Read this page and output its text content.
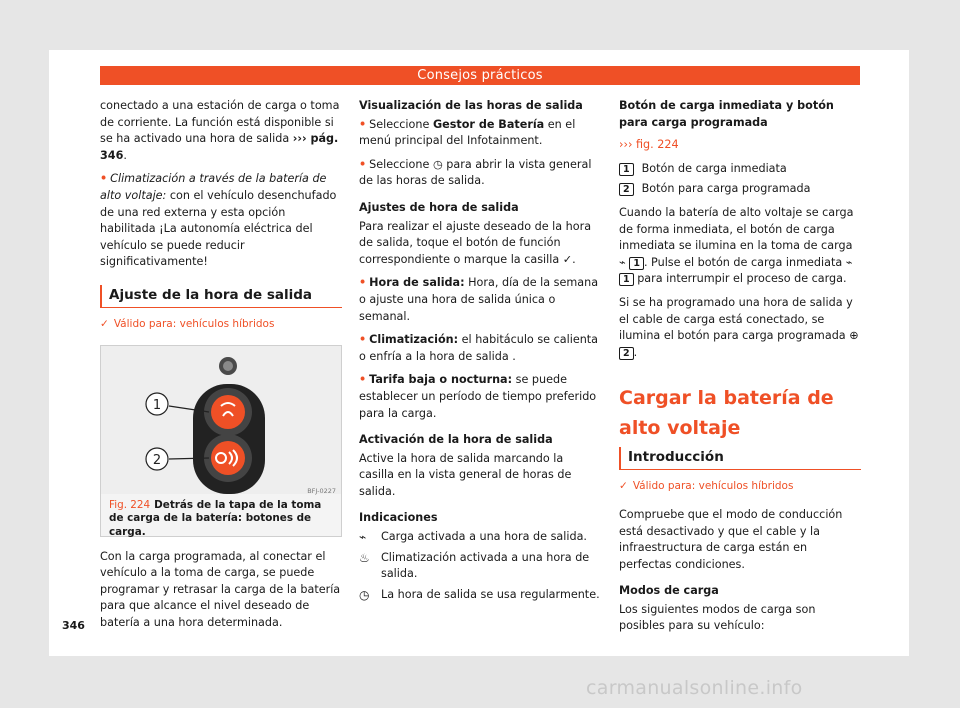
Consejos prácticos

conectado a una estación de carga o toma de corriente. La función está disponible si se ha activado una hora de salida ››› pág. 346.

• Climatización a través de la batería de alto voltaje: con el vehículo desenchufado de una red externa y esta opción habilitada ¡La autonomía eléctrica del vehículo se puede reducir significativamente!

Ajuste de la hora de salida
✓ Válido para: vehículos híbridos
1
2
BFJ-0227
Fig. 224 Detrás de la tapa de la toma de carga de la batería: botones de carga.

Con la carga programada, al conectar el vehículo a la toma de carga, se puede programar y retrasar la carga de la batería para que alcance el nivel deseado de batería a una hora determinada.

Visualización de las horas de salida

• Seleccione Gestor de Batería en el menú principal del Infotainment.

• Seleccione ◷ para abrir la vista general de las horas de salida.

Ajustes de hora de salida

Para realizar el ajuste deseado de la hora de salida, toque el botón de función correspondiente o marque la casilla ✓.

• Hora de salida: Hora, día de la semana o ajuste una hora de salida única o semanal.

• Climatización: el habitáculo se calienta o enfría a la hora de salida .

• Tarifa baja o nocturna: se puede establecer un período de tiempo preferido para la carga.

Activación de la hora de salida

Active la hora de salida marcando la casilla en la vista general de horas de salida.

Indicaciones
⌁	Carga activada a una hora de salida.
♨	Climatización activada a una hora de salida.
◷	La hora de salida se usa regularmente.
Botón de carga inmediata y botón para carga programada

››› fig. 224

1 Botón de carga inmediata

2 Botón para carga programada

Cuando la batería de alto voltaje se carga de forma inmediata, el botón de carga inmediata se ilumina en la toma de carga ⌁ 1 . Pulse el botón de carga inmediata ⌁ 1 para interrumpir el proceso de carga.

Si se ha programado una hora de salida y el cable de carga está conectado, se ilumina el botón para carga programada ⊕ 2 .

Cargar la batería de alto voltaje
Introducción
✓ Válido para: vehículos híbridos

Compruebe que el modo de conducción está desactivado y que el cable y la infraestructura de carga están en perfectas condiciones.

Modos de carga

Los siguientes modos de carga son posibles para su vehículo:

346
carmanualsonline.info
